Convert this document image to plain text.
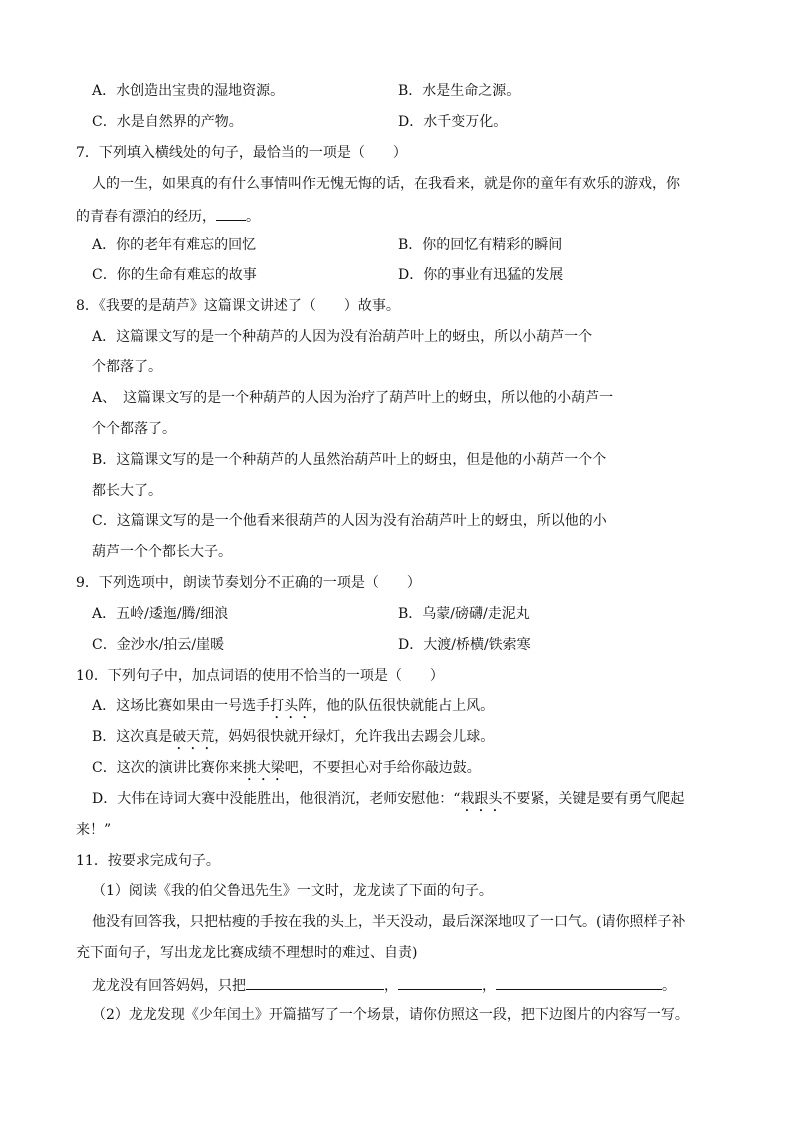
A．水创造出宝贵的湿地资源。	B．水是生命之源。
C．水是自然界的产物。	D．水千变万化。
7．下列填入横线处的句子，最恰当的一项是（　　）
人的一生，如果真的有什么事情叫作无愧无悔的话，在我看来，就是你的童年有欢乐的游戏，你
的青春有漂泊的经历， 。
A．你的老年有难忘的回忆	B．你的回忆有精彩的瞬间
C．你的生命有难忘的故事	D．你的事业有迅猛的发展
8．《我要的是葫芦》这篇课文讲述了（　　）故事。
A．这篇课文写的是一个种葫芦的人因为没有治葫芦叶上的蚜虫，所以小葫芦一个
个都落了。
A、　这篇课文写的是一个种葫芦的人因为治疗了葫芦叶上的蚜虫，所以他的小葫芦一
个个都落了。
B．这篇课文写的是一个种葫芦的人虽然治葫芦叶上的蚜虫，但是他的小葫芦一个个
都长大了。
C．这篇课文写的是一个他看来很葫芦的人因为没有治葫芦叶上的蚜虫，所以他的小
葫芦一个个都长大子。
9．下列选项中，朗读节奏划分不正确的一项是（　　）
A．五岭/逶迤/腾/细浪	B．乌蒙/磅礴/走泥丸
C．金沙水/拍云/崖暖	D．大渡/桥横/铁索寒
10．下列句子中，加点词语的使用不恰当的一项是（　　）
A．这场比赛如果由一号选手打头阵，他的队伍很快就能占上风。
B．这次真是破天荒，妈妈很快就开绿灯，允许我出去踢会儿球。
C．这次的演讲比赛你来挑大梁吧，不要担心对手给你敲边鼓。
D．大伟在诗词大赛中没能胜出，他很消沉，老师安慰他：“栽跟头不要紧，关键是要有勇气爬起
来！”
11．按要求完成句子。
（1）阅读《我的伯父鲁迅先生》一文时，龙龙读了下面的句子。
他没有回答我，只把枯瘦的手按在我的头上，半天没动，最后深深地叹了一口气。(请你照样子补
充下面句子，写出龙龙比赛成绩不理想时的难过、自责)
龙龙没有回答妈妈，只把	，	，	。
（2）龙龙发现《少年闰土》开篇描写了一个场景，请你仿照这一段，把下边图片的内容写一写。
